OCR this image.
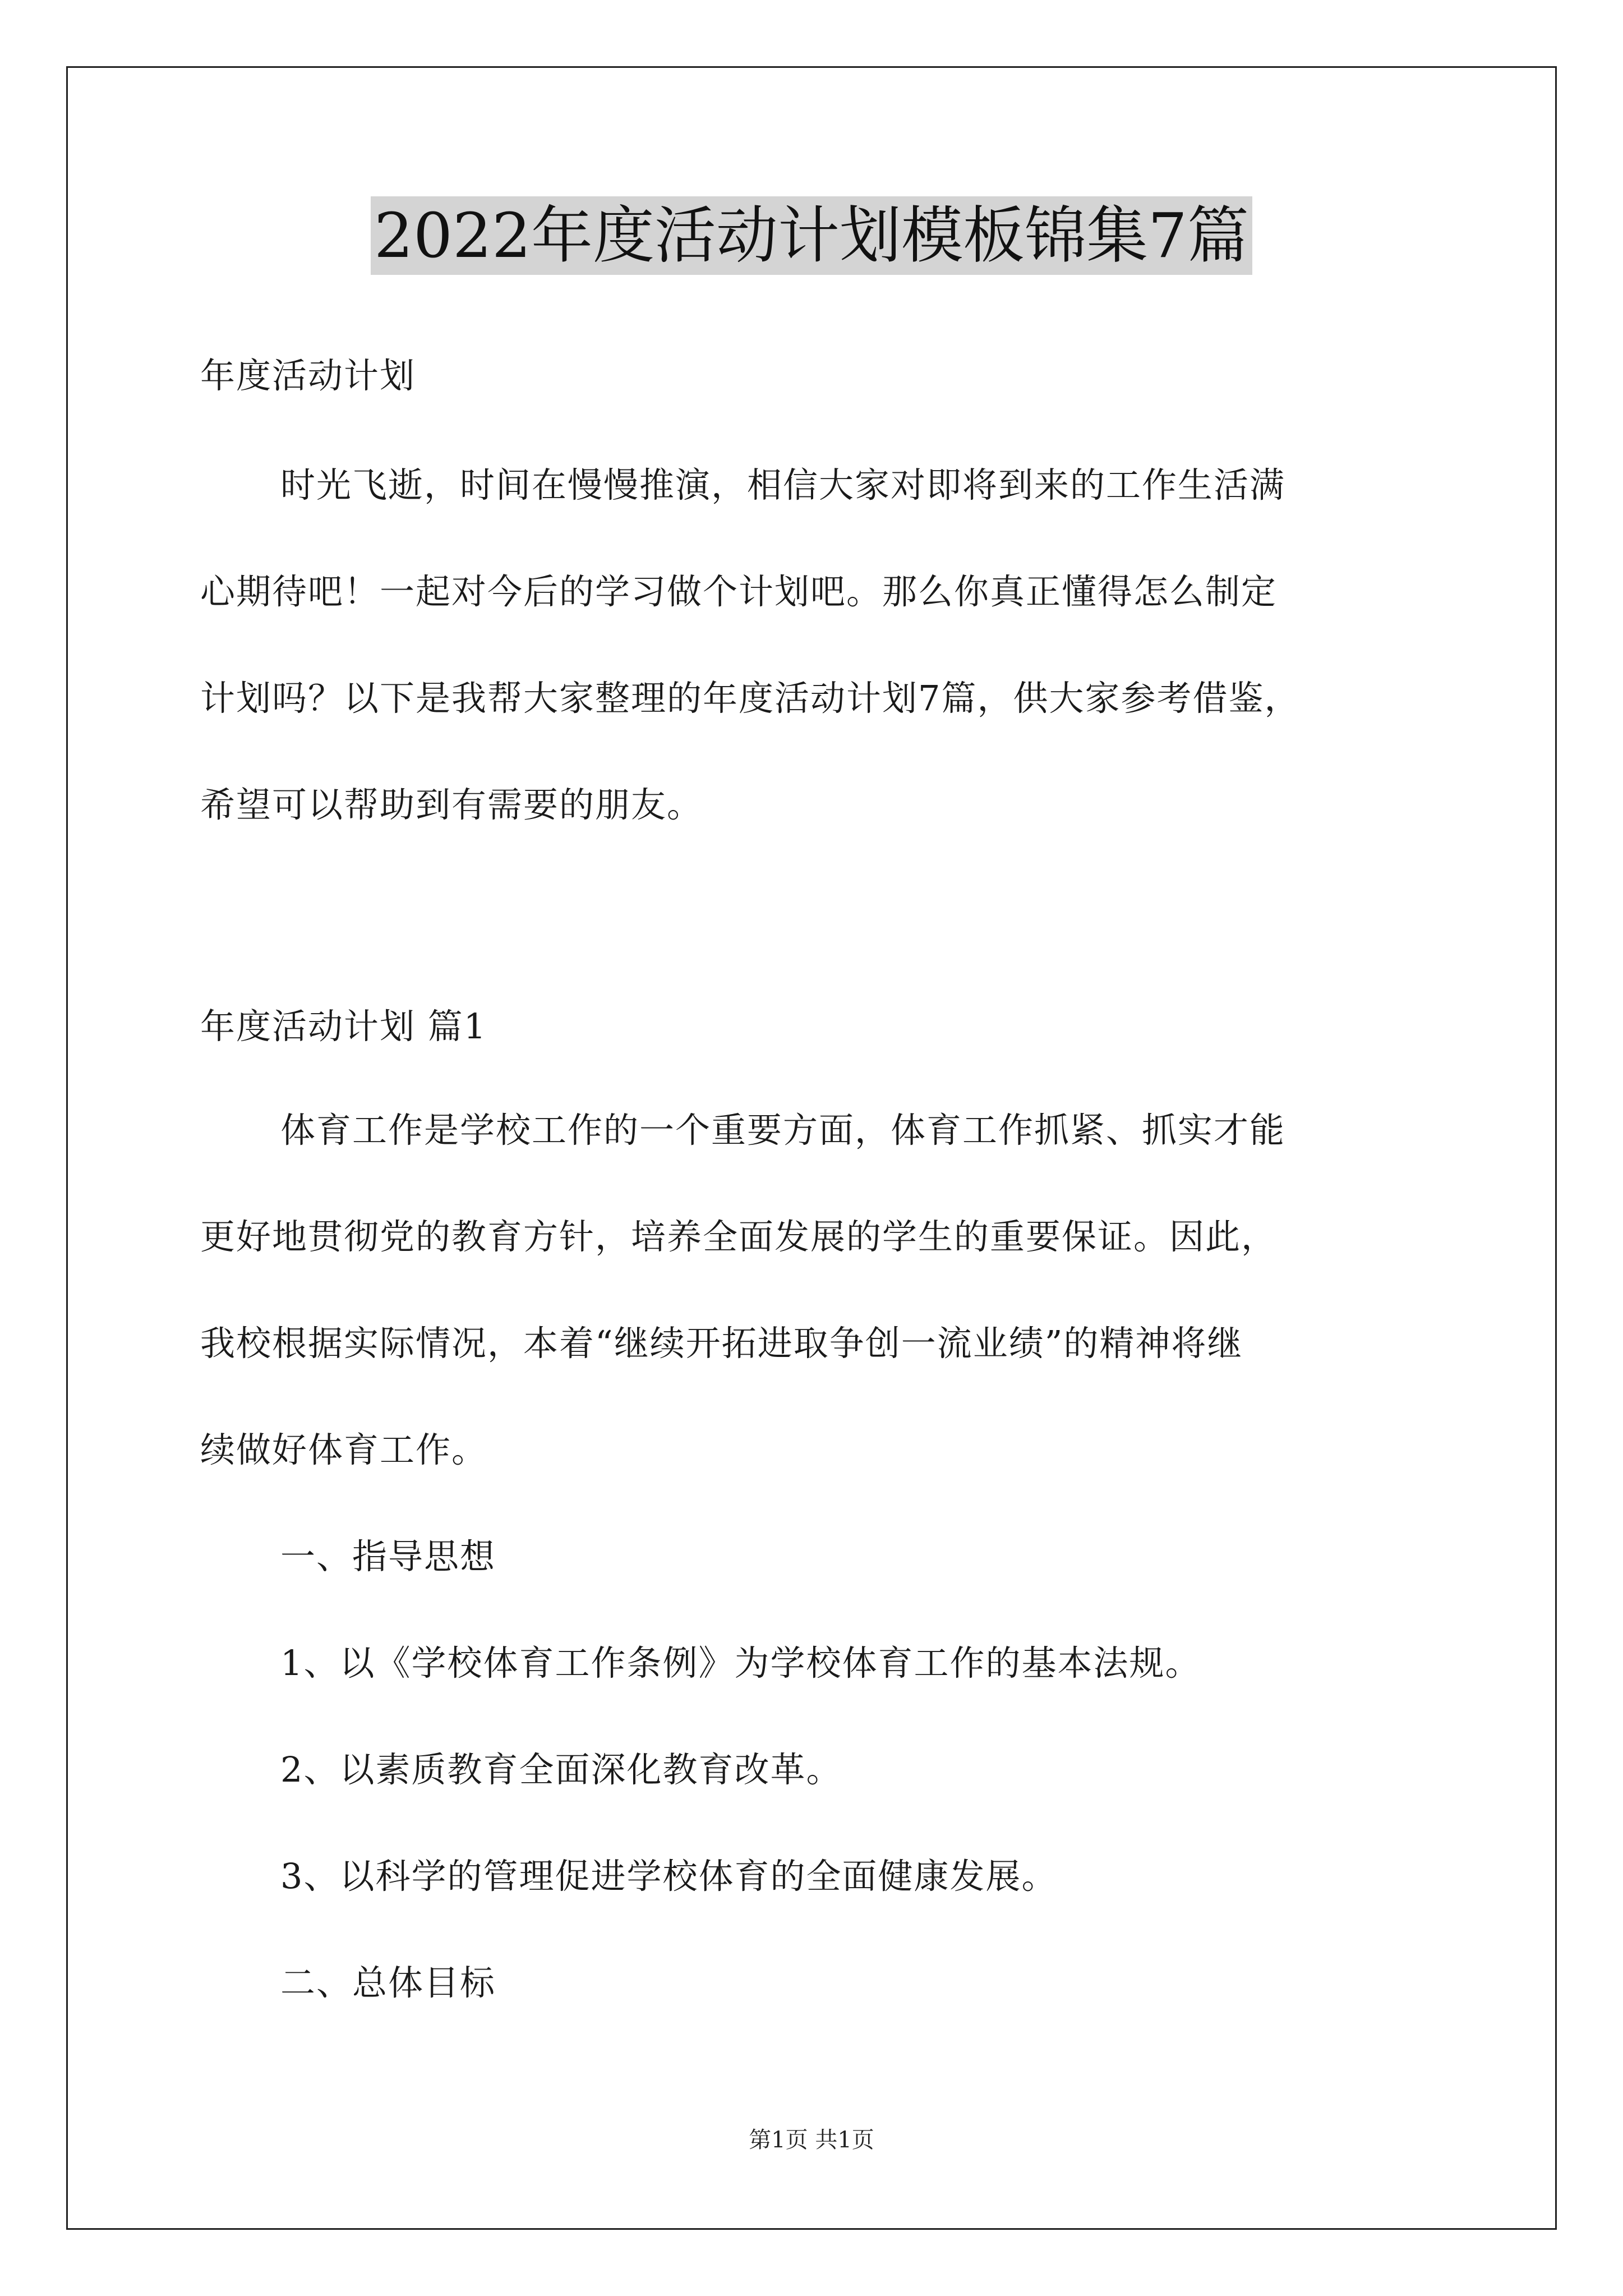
2022年度活动计划模板锦集7篇
年度活动计划
时光飞逝，时间在慢慢推演，相信大家对即将到来的工作生活满
心期待吧！一起对今后的学习做个计划吧。那么你真正懂得怎么制定
计划吗？以下是我帮大家整理的年度活动计划7篇，供大家参考借鉴，
希望可以帮助到有需要的朋友。
年度活动计划 篇1
体育工作是学校工作的一个重要方面，体育工作抓紧、抓实才能
更好地贯彻党的教育方针，培养全面发展的学生的重要保证。因此，
我校根据实际情况，本着“继续开拓进取争创一流业绩”的精神将继
续做好体育工作。
一、指导思想
1、以《学校体育工作条例》为学校体育工作的基本法规。
2、以素质教育全面深化教育改革。
3、以科学的管理促进学校体育的全面健康发展。
二、总体目标
第1页 共1页
